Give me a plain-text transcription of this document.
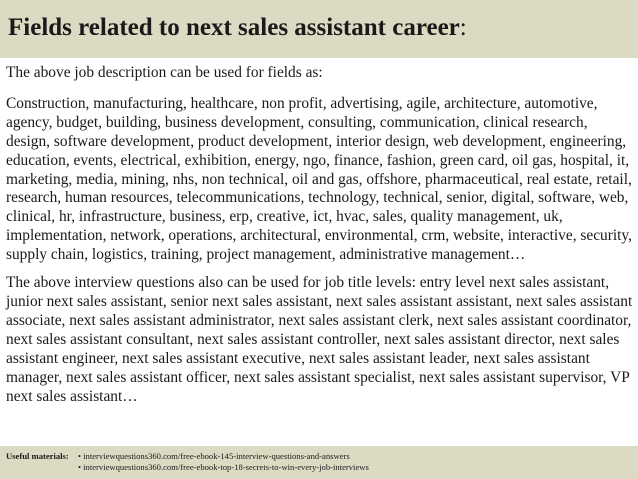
Fields related to next sales assistant career:

The above job description can be used for fields as:

Construction, manufacturing, healthcare, non profit, advertising, agile, architecture, automotive, agency, budget, building, business development, consulting, communication, clinical research, design, software development, product development, interior design, web development, engineering, education, events, electrical, exhibition, energy, ngo, finance, fashion, green card, oil gas, hospital, it, marketing, media, mining, nhs, non technical, oil and gas, offshore, pharmaceutical, real estate, retail, research, human resources, telecommunications, technology, technical, senior, digital, software, web, clinical, hr, infrastructure, business, erp, creative, ict, hvac, sales, quality management, uk, implementation, network, operations, architectural, environmental, crm, website, interactive, security, supply chain, logistics, training, project management, administrative management…

The above interview questions also can be used for job title levels: entry level next sales assistant, junior next sales assistant, senior next sales assistant, next sales assistant assistant, next sales assistant associate, next sales assistant administrator, next sales assistant clerk, next sales assistant coordinator, next sales assistant consultant, next sales assistant controller, next sales assistant director, next sales assistant engineer, next sales assistant executive, next sales assistant leader, next sales assistant manager, next sales assistant officer, next sales assistant specialist, next sales assistant supervisor, VP next sales assistant…

Useful materials:	• interviewquestions360.com/free-ebook-145-interview-questions-and-answers
• interviewquestions360.com/free-ebook-top-18-secrets-to-win-every-job-interviews
